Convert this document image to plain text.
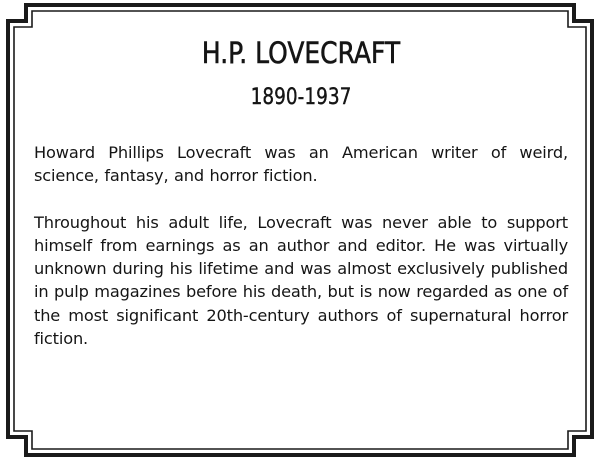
H.P. LOVECRAFT
1890-1937

Howard Phillips Lovecraft was an American writer of weird, science, fantasy, and horror fiction.

Throughout his adult life, Lovecraft was never able to support himself from earnings as an author and editor. He was virtually unknown during his lifetime and was almost exclusively published in pulp magazines before his death, but is now regarded as one of the most significant 20th-century authors of supernatural horror fiction.
